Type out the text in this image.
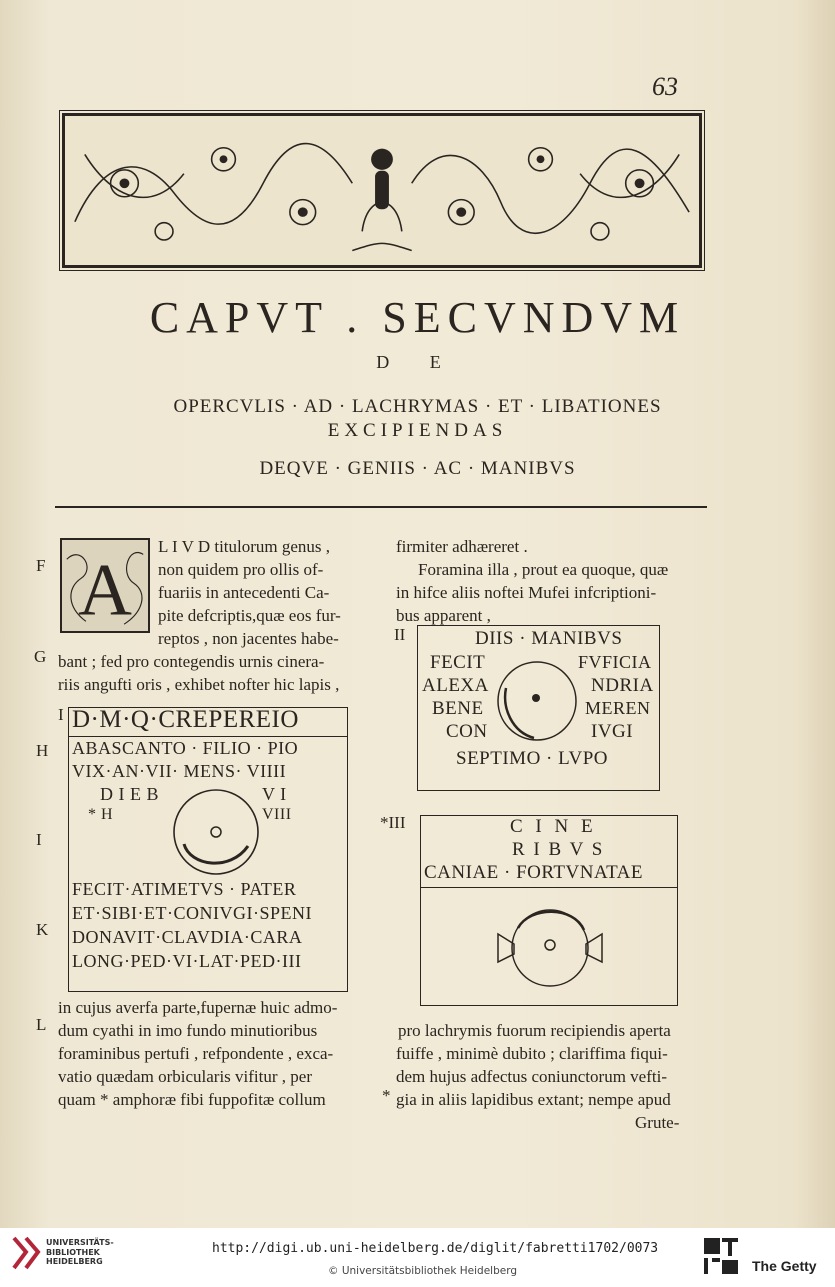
63
CAPVT . SECVNDVM
D E
OPERCVLIS · AD · LACHRYMAS · ET · LIBATIONES
EXCIPIENDAS
DEQVE · GENIIS · AC · MANIBVS
A
L I V D titulorum genus ,
non quidem pro ollis of-
fuariis in antecedenti Ca-
pite defcriptis,quæ eos fur-
reptos , non jacentes habe-
bant ; fed pro contegendis urnis cinera-
riis angufti oris , exhibet nofter hic lapis ,
F
G
I
H
I
K
L
D·M·Q·CREPEREIO
ABASCANTO · FILIO · PIO
VIX·AN·VII· MENS· VIIII
D I E B	V I
* H	VIII
FECIT·ATIMETVS · PATER
ET·SIBI·ET·CONIVGI·SPENI
DONAVIT·CLAVDIA·CARA
LONG·PED·VI·LAT·PED·III
in cujus averfa parte,fupernæ huic admo-
dum cyathi in imo fundo minutioribus
foraminibus pertufi , refpondente , exca-
vatio quædam orbicularis vifitur , per
quam * amphoræ fibi fuppofitæ collum
firmiter adhæreret .
Foramina illa , prout ea quoque, quæ
in hifce aliis noftei Mufei infcriptioni-
bus apparent ,
II	DIIS · MANIBVS
FECIT	FVFICIA
ALEXA	NDRIA
BENE	MEREN
CON	IVGI
SEPTIMO · LVPO
*III	C I N E
R I B V S
CANIAE · FORTVNATAE
pro lachrymis fuorum recipiendis aperta
fuiffe , minimè dubito ; clariffima fiqui-
dem hujus adfectus coniunctorum vefti-
* gia in aliis lapidibus extant; nempe apud
Grute-
UNIVERSITÄTS-
BIBLIOTHEK
HEIDELBERG
http://digi.ub.uni-heidelberg.de/diglit/fabretti1702/0073
© Universitätsbibliothek Heidelberg	The Getty
